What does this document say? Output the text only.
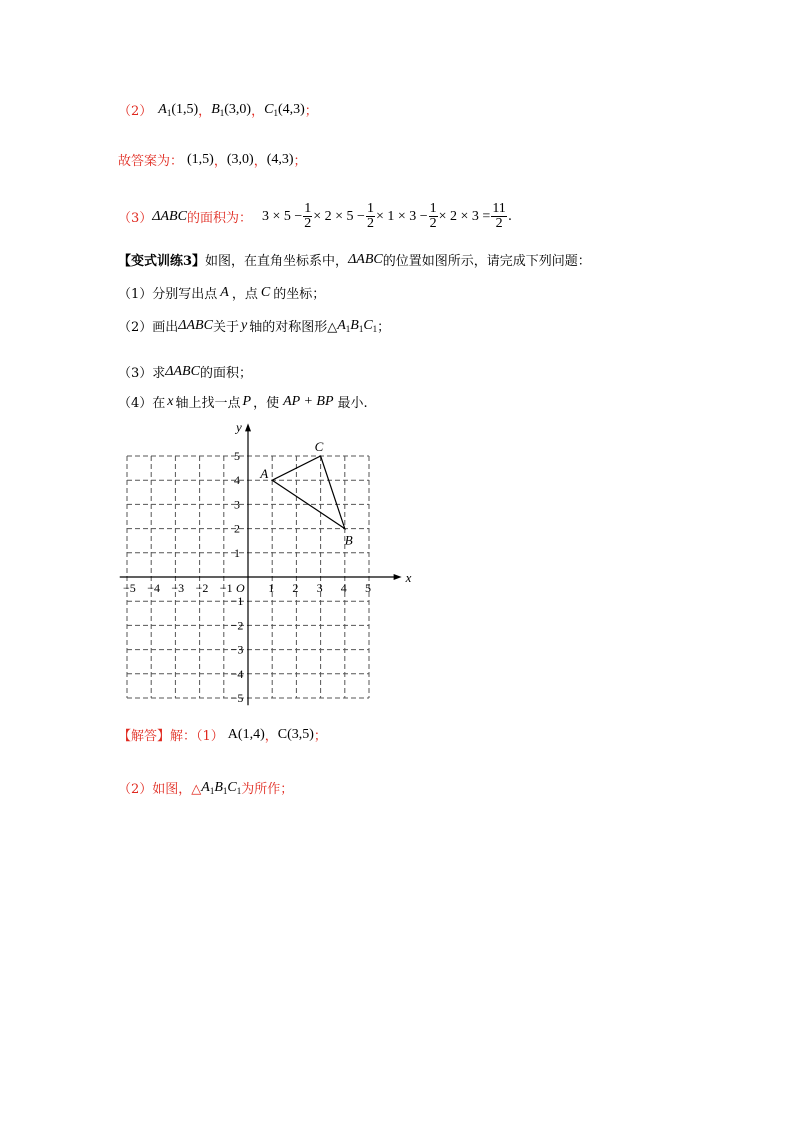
（2） $A_1(1,5)$ ， $B_1(3,0)$ ， $C_1(4,3)$ ；
故答案为： (1,5) ， (3,0) ， (4,3) ；
（3） ΔABC 的面积为： $3 \times 5 - \frac{1}{2} \times 2 \times 5 - \frac{1}{2} \times 1 \times 3 - \frac{1}{2} \times 2 \times 3 = \frac{11}{2}$ .
【变式训练3】 如图，在直角坐标系中， ΔABC 的位置如图所示，请完成下列问题：
（1）分别写出点 A ，点 C 的坐标；
（2）画出 ΔABC 关于 y 轴的对称图形△ $A_1B_1C_1$ ；
（3）求 ΔABC 的面积；
（4）在 x 轴上找一点 P ，使 AP + BP 最小.
x
y
O
−5 −4 −3 −2 −1	1 2 3 4 5
5
4
3
2
1
−1
−2
−3
−4
−5
A
B
C
【解答】 解：（1） A(1,4) ， C(3,5) ；
（2）如图，△ $A_1B_1C_1$ 为所作；
